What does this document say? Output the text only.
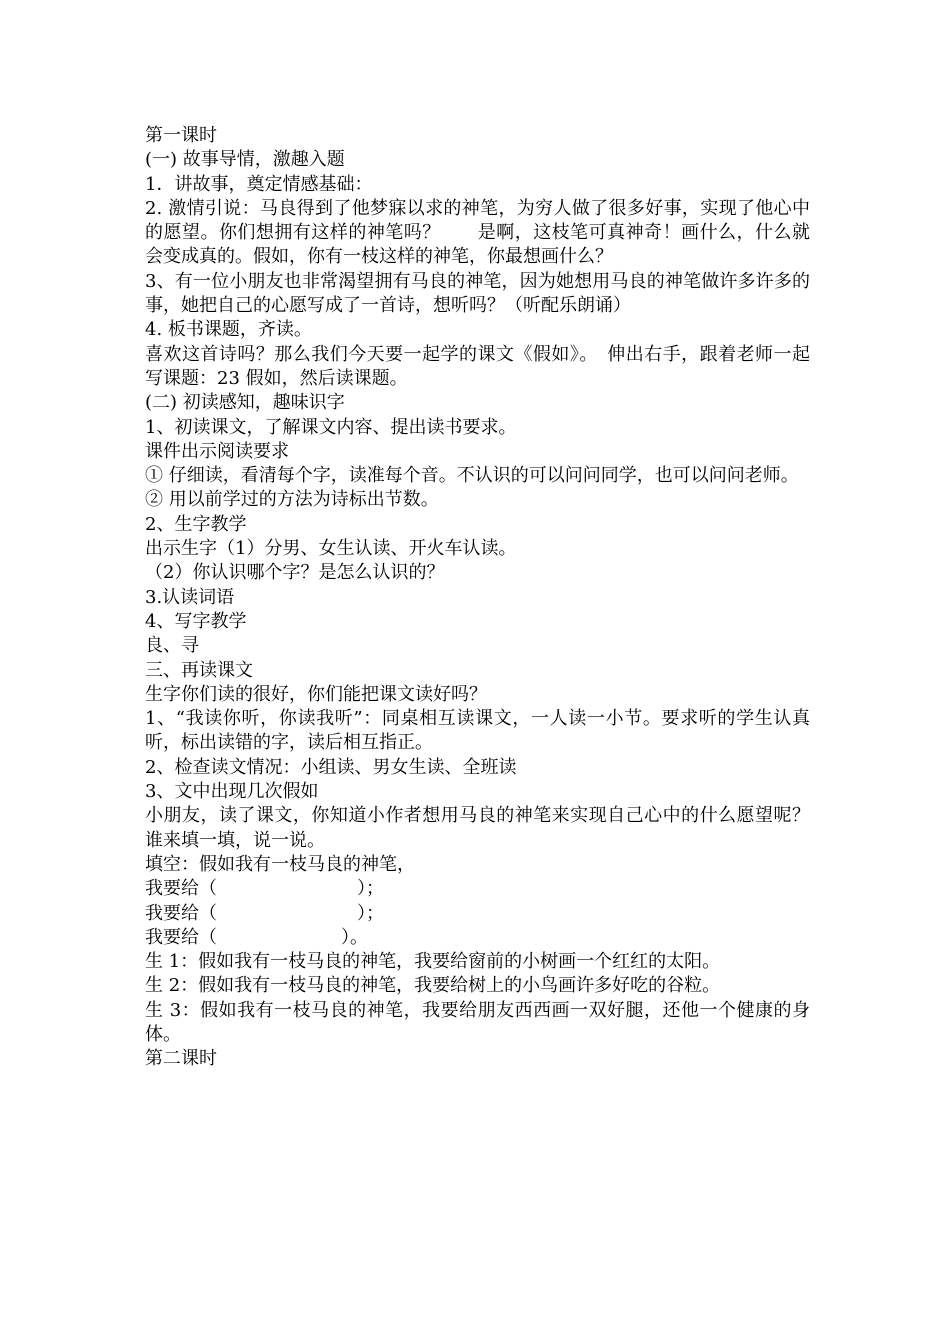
第一课时

(一) 故事导情，激趣入题

1．讲故事，奠定情感基础：

2. 激情引说：马良得到了他梦寐以求的神笔，为穷人做了很多好事，实现了他心中的愿望。你们想拥有这样的神笔吗？　　是啊，这枝笔可真神奇！画什么，什么就会变成真的。假如，你有一枝这样的神笔，你最想画什么？

3、有一位小朋友也非常渴望拥有马良的神笔，因为她想用马良的神笔做许多许多的事，她把自己的心愿写成了一首诗，想听吗？（听配乐朗诵）

4. 板书课题，齐读。

喜欢这首诗吗？那么我们今天要一起学的课文《假如》。　伸出右手，跟着老师一起写课题：23 假如，然后读课题。

(二) 初读感知，趣味识字

1、初读课文，了解课文内容、提出读书要求。

课件出示阅读要求

① 仔细读，看清每个字，读准每个音。不认识的可以问问同学，也可以问问老师。

② 用以前学过的方法为诗标出节数。

2、生字教学

出示生字（1）分男、女生认读、开火车认读。

（2）你认识哪个字？是怎么认识的？

3.认读词语

4、写字教学

良、寻

三、再读课文

生字你们读的很好，你们能把课文读好吗？

1、“我读你听，你读我听”：同桌相互读课文，一人读一小节。要求听的学生认真听，标出读错的字，读后相互指正。

2、检查读文情况：小组读、男女生读、全班读

3、文中出现几次假如

小朋友，读了课文，你知道小作者想用马良的神笔来实现自己心中的什么愿望呢？谁来填一填，说一说。

填空：假如我有一枝马良的神笔，

我要给（	）；

我要给（	）；

我要给（	）。

生 1：假如我有一枝马良的神笔，我要给窗前的小树画一个红红的太阳。

生 2：假如我有一枝马良的神笔，我要给树上的小鸟画许多好吃的谷粒。

生 3：假如我有一枝马良的神笔，我要给朋友西西画一双好腿，还他一个健康的身体。

第二课时
